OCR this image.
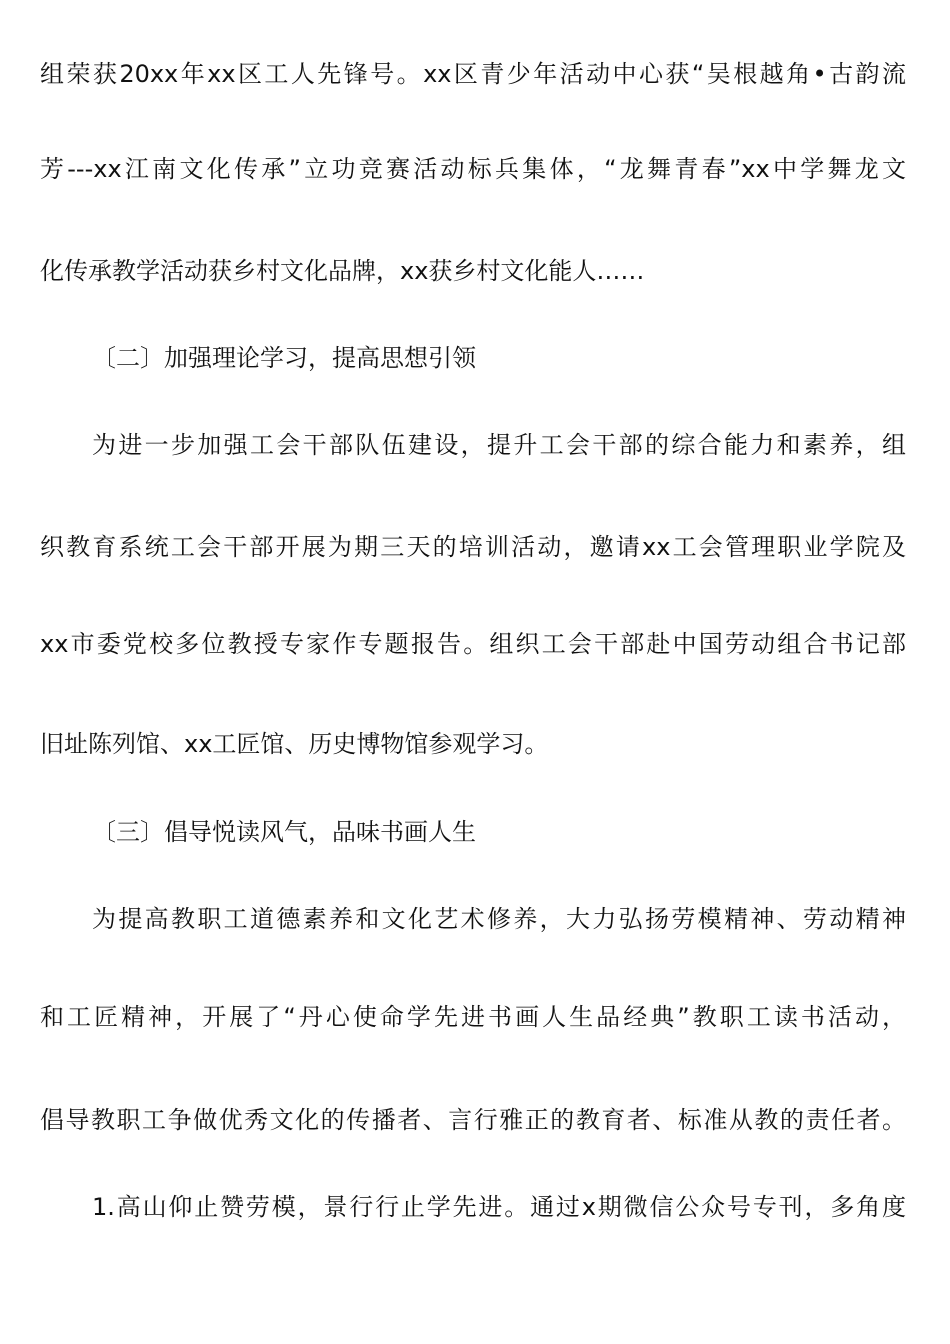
组荣获20xx年xx区工人先锋号。xx区青少年活动中心获“吴根越角•古韵流
芳---xx江南文化传承”立功竞赛活动标兵集体，“龙舞青春”xx中学舞龙文
化传承教学活动获乡村文化品牌，xx获乡村文化能人……
〔二〕加强理论学习，提高思想引领
为进一步加强工会干部队伍建设，提升工会干部的综合能力和素养，组
织教育系统工会干部开展为期三天的培训活动，邀请xx工会管理职业学院及
xx市委党校多位教授专家作专题报告。组织工会干部赴中国劳动组合书记部
旧址陈列馆、xx工匠馆、历史博物馆参观学习。
〔三〕倡导悦读风气，品味书画人生
为提高教职工道德素养和文化艺术修养，大力弘扬劳模精神、劳动精神
和工匠精神，开展了“丹心使命学先进书画人生品经典”教职工读书活动，
倡导教职工争做优秀文化的传播者、言行雅正的教育者、标准从教的责任者。
1.高山仰止赞劳模，景行行止学先进。通过x期微信公众号专刊，多角度
